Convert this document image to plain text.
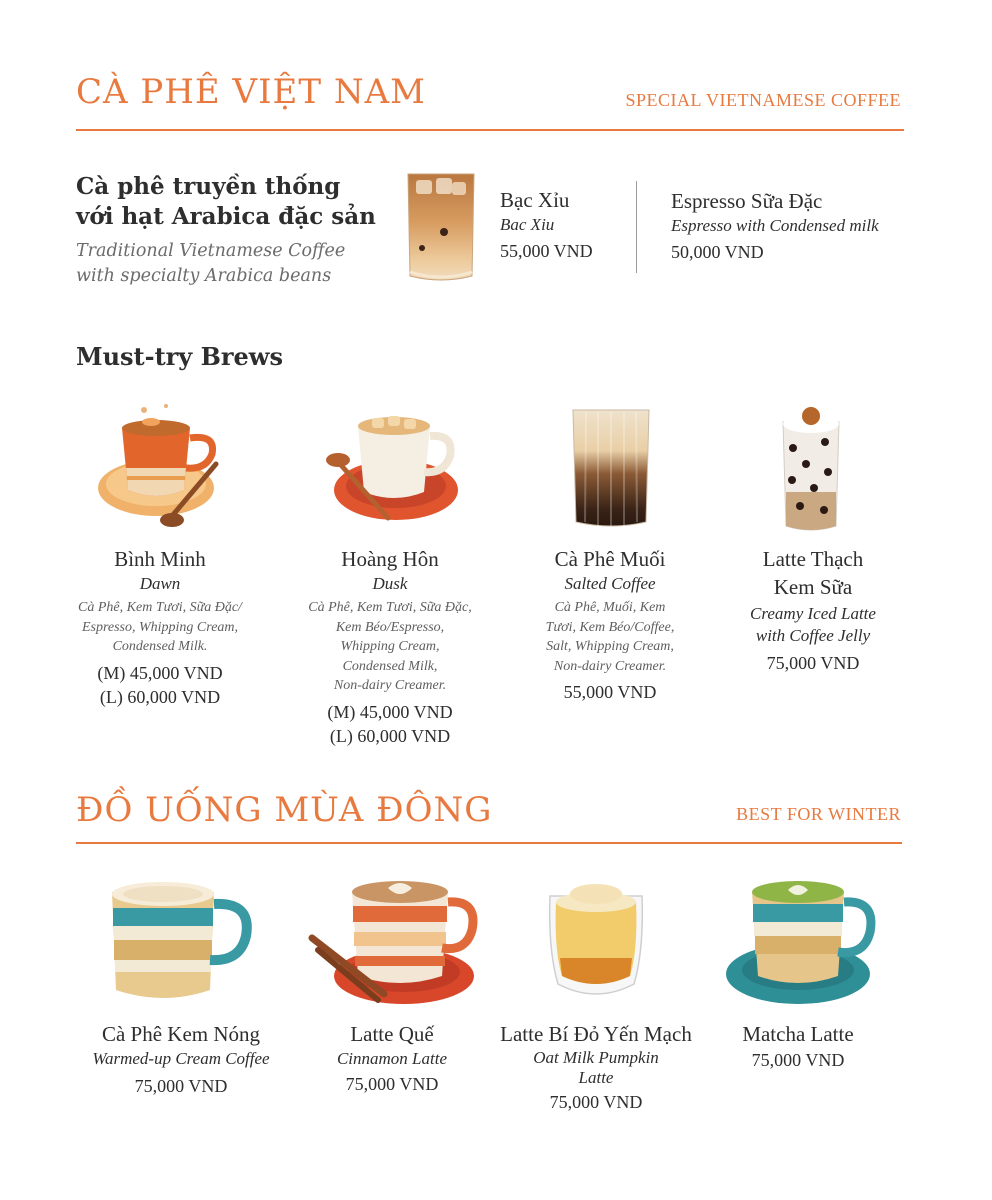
CÀ PHÊ VIỆT NAM	SPECIAL VIETNAMESE COFFEE
Cà phê truyền thống
với hạt Arabica đặc sản
Traditional Vietnamese Coffee
with specialty Arabica beans
Bạc Xỉu
Bac Xiu
55,000 VND
Espresso Sữa Đặc
Espresso with Condensed milk
50,000 VND
Must-try Brews
Bình Minh
Dawn
Cà Phê, Kem Tươi, Sữa Đặc/
Espresso, Whipping Cream,
Condensed Milk.
(M) 45,000 VND
(L) 60,000 VND
Hoàng Hôn
Dusk
Cà Phê, Kem Tươi, Sữa Đặc,
Kem Béo/Espresso,
Whipping Cream,
Condensed Milk,
Non-dairy Creamer.
(M) 45,000 VND
(L) 60,000 VND
Cà Phê Muối
Salted Coffee
Cà Phê, Muối, Kem
Tươi, Kem Béo/Coffee,
Salt, Whipping Cream,
Non-dairy Creamer.
55,000 VND
Latte Thạch
Kem Sữa
Creamy Iced Latte
with Coffee Jelly
75,000 VND
ĐỒ UỐNG MÙA ĐÔNG	BEST FOR WINTER
Cà Phê Kem Nóng
Warmed-up Cream Coffee
75,000 VND
Latte Quế
Cinnamon Latte
75,000 VND
Latte Bí Đỏ Yến Mạch
Oat Milk Pumpkin
Latte
75,000 VND
Matcha Latte
75,000 VND
